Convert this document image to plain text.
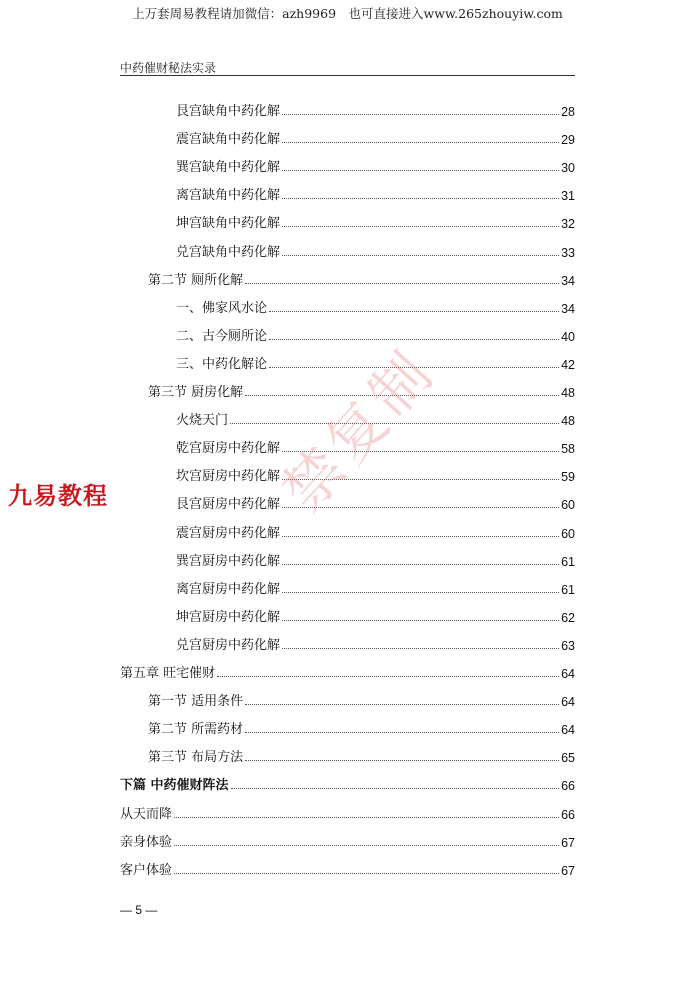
上万套周易教程请加微信：azh9969　也可直接进入www.265zhouyiw.com
中药催财秘法实录
艮宫缺角中药化解	28
震宫缺角中药化解	29
巽宫缺角中药化解	30
离宫缺角中药化解	31
坤宫缺角中药化解	32
兑宫缺角中药化解	33
第二节 厕所化解	34
一、佛家风水论	34
二、古今厕所论	40
三、中药化解论	42
第三节 厨房化解	48
火烧天门	48
乾宫厨房中药化解	58
坎宫厨房中药化解	59
艮宫厨房中药化解	60
震宫厨房中药化解	60
巽宫厨房中药化解	61
离宫厨房中药化解	61
坤宫厨房中药化解	62
兑宫厨房中药化解	63
第五章 旺宅催财	64
第一节 适用条件	64
第二节 所需药材	64
第三节 布局方法	65
下篇 中药催财阵法	66
从天而降	66
亲身体验	67
客户体验	67
九易教程	禁复制
— 5 —
